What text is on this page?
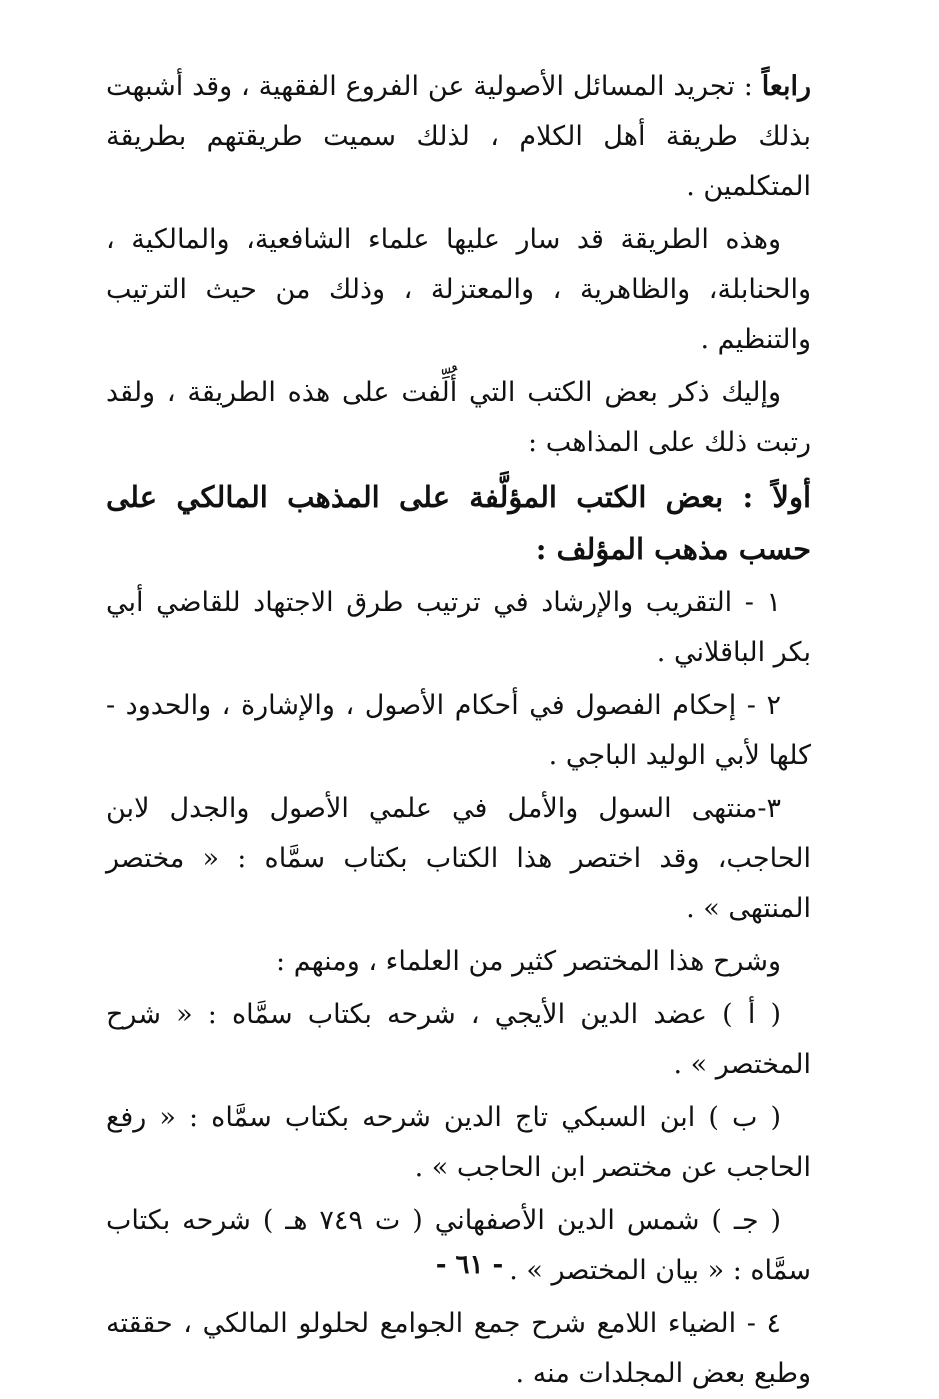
رابعاً : تجريد المسائل الأصولية عن الفروع الفقهية ، وقد أشبهت بذلك طريقة أهل الكلام ، لذلك سميت طريقتهم بطريقة المتكلمين .

وهذه الطريقة قد سار عليها علماء الشافعية، والمالكية ، والحنابلة، والظاهرية ، والمعتزلة ، وذلك من حيث الترتيب والتنظيم .

وإليك ذكر بعض الكتب التي أُلِّفت على هذه الطريقة ، ولقد رتبت ذلك على المذاهب :

أولاً : بعض الكتب المؤلَّفة على المذهب المالكي على حسب مذهب المؤلف :

١ - التقريب والإرشاد في ترتيب طرق الاجتهاد للقاضي أبي بكر الباقلاني .

٢ - إحكام الفصول في أحكام الأصول ، والإشارة ، والحدود - كلها لأبي الوليد الباجي .

٣-منتهى السول والأمل في علمي الأصول والجدل لابن الحاجب، وقد اختصر هذا الكتاب بكتاب سمَّاه : « مختصر المنتهى » .

وشرح هذا المختصر كثير من العلماء ، ومنهم :

( أ ) عضد الدين الأيجي ، شرحه بكتاب سمَّاه : « شرح المختصر » .

( ب ) ابن السبكي تاج الدين شرحه بكتاب سمَّاه : « رفع الحاجب عن مختصر ابن الحاجب » .

( جـ ) شمس الدين الأصفهاني ( ت ٧٤٩ هـ ) شرحه بكتاب سمَّاه : « بيان المختصر » .

٤ - الضياء اللامع شرح جمع الجوامع لحلولو المالكي ، حققته وطبع بعض المجلدات منه .

- ٦١ -
